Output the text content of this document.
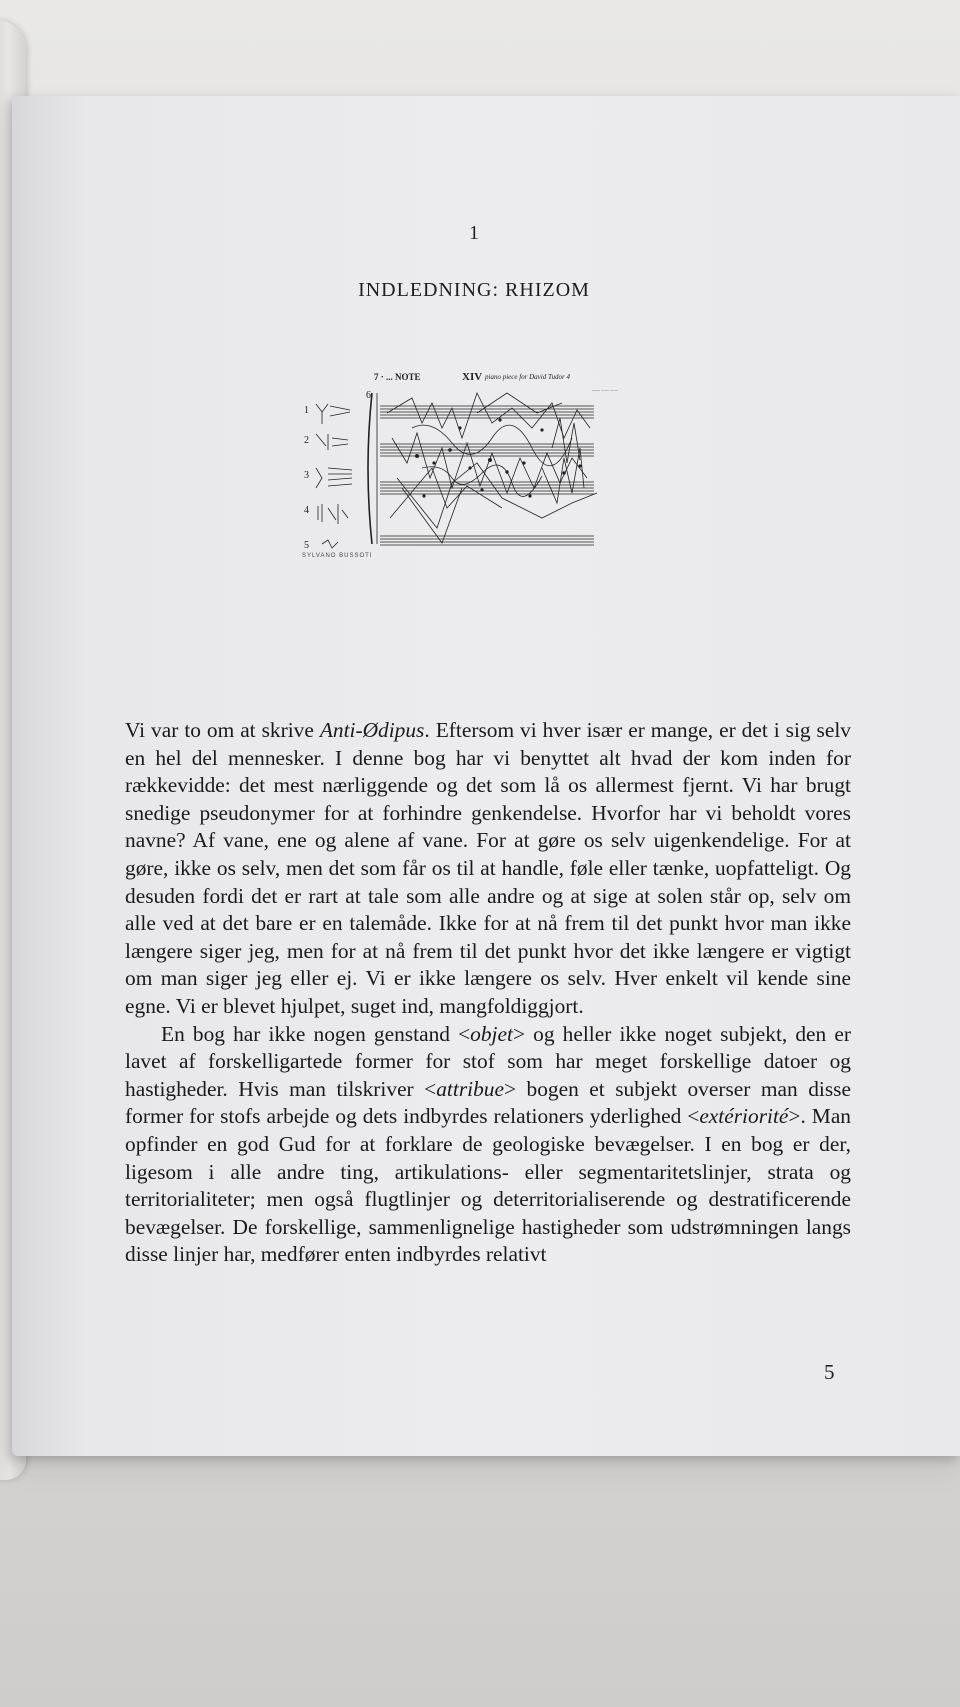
1
INDLEDNING: RHIZOM
7 · ... NOTE	XIV piano piece for David Tudor 4
____ ____ ____
6
1
2
3
4
5
SYLVANO BUSSOTI

Vi var to om at skrive Anti-Ødipus. Eftersom vi hver især er mange, er det i sig selv en hel del mennesker. I denne bog har vi benyttet alt hvad der kom inden for rækkevidde: det mest nærliggende og det som lå os allermest fjernt. Vi har brugt snedige pseudonymer for at forhindre genkendelse. Hvorfor har vi beholdt vores navne? Af vane, ene og alene af vane. For at gøre os selv uigenkendelige. For at gøre, ikke os selv, men det som får os til at handle, føle eller tænke, uopfatteligt. Og desuden fordi det er rart at tale som alle andre og at sige at solen står op, selv om alle ved at det bare er en talemåde. Ikke for at nå frem til det punkt hvor man ikke længere siger jeg, men for at nå frem til det punkt hvor det ikke længere er vigtigt om man siger jeg eller ej. Vi er ikke længere os selv. Hver enkelt vil kende sine egne. Vi er blevet hjulpet, suget ind, mangfoldiggjort.

En bog har ikke nogen genstand <objet> og heller ikke noget subjekt, den er lavet af forskelligartede former for stof som har meget forskellige datoer og hastigheder. Hvis man tilskriver <attribue> bogen et subjekt overser man disse former for stofs arbejde og dets indbyrdes relationers yderlighed <extériorité>. Man opfinder en god Gud for at forklare de geologiske bevægelser. I en bog er der, ligesom i alle andre ting, artikulations- eller segmentaritetslinjer, strata og territorialiteter; men også flugtlinjer og deterritorialiserende og destratificerende bevægelser. De forskellige, sammenlignelige hastigheder som udstrømningen langs disse linjer har, medfører enten indbyrdes relativt

5
